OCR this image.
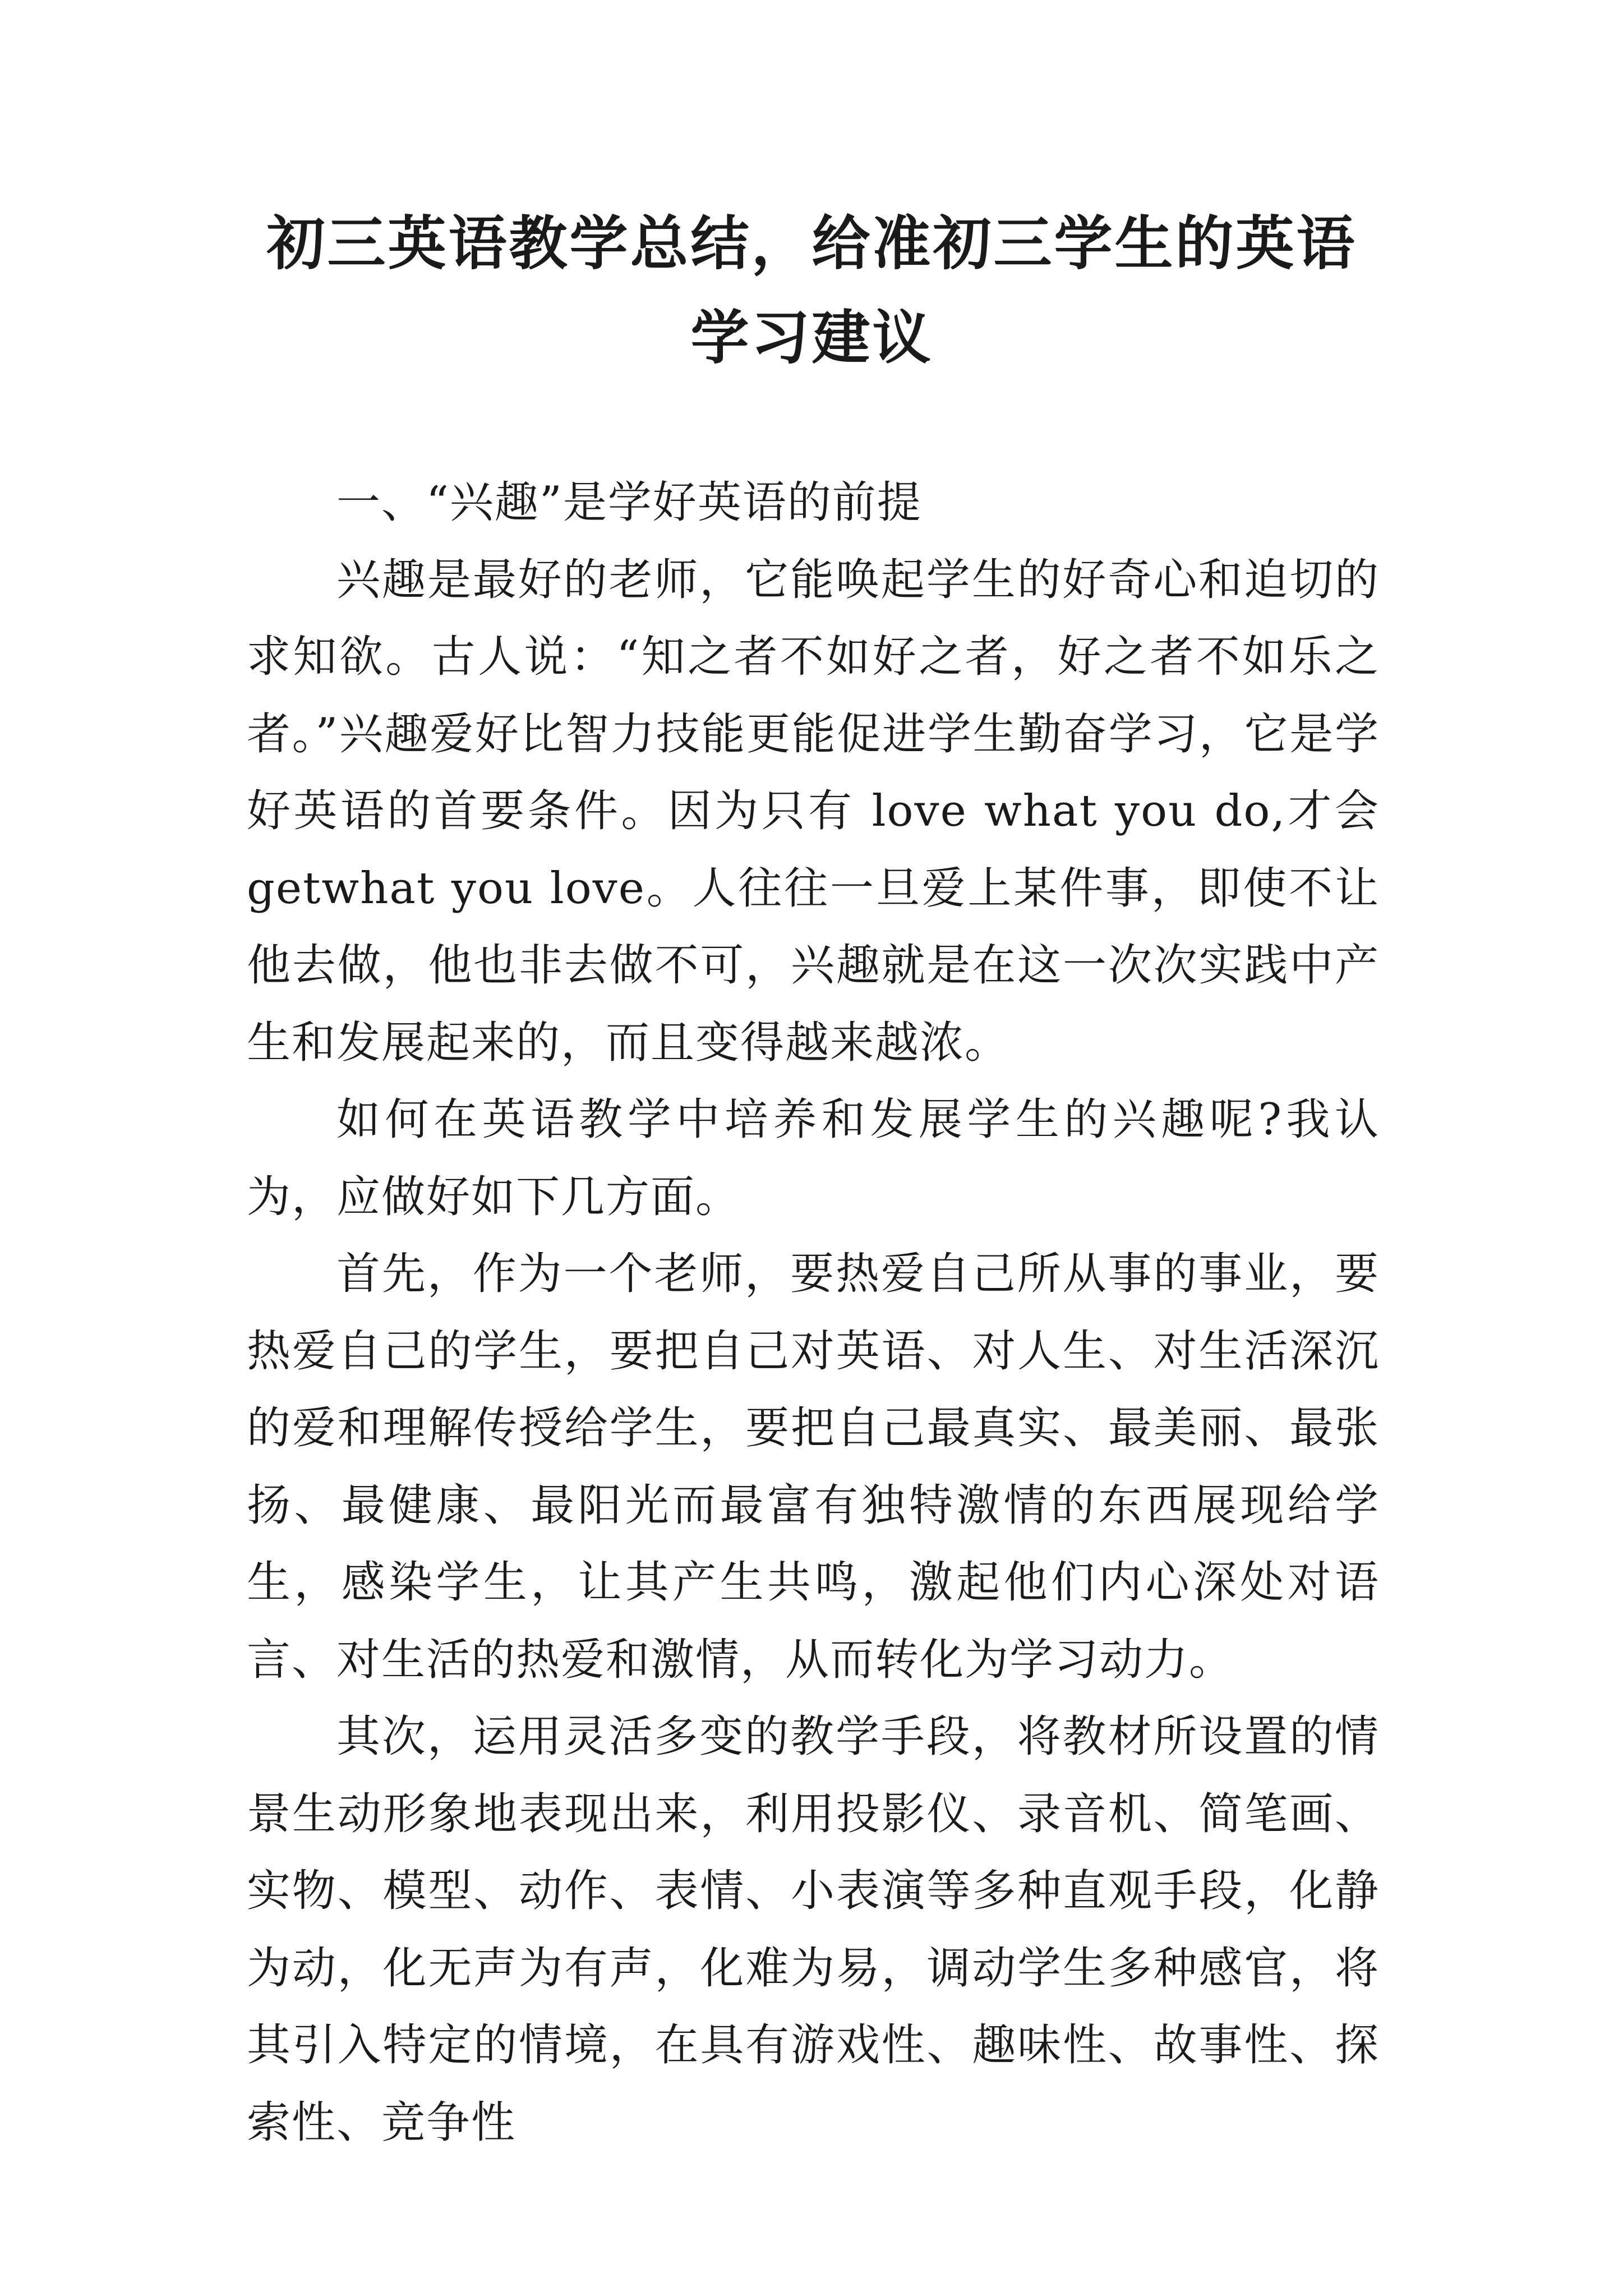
初三英语教学总结，给准初三学生的英语学习建议

一、“兴趣”是学好英语的前提

兴趣是最好的老师，它能唤起学生的好奇心和迫切的求知欲。古人说：“知之者不如好之者，好之者不如乐之者。”兴趣爱好比智力技能更能促进学生勤奋学习，它是学好英语的首要条件。因为只有 love what you do,才会 getwhat you love。人往往一旦爱上某件事，即使不让他去做，他也非去做不可，兴趣就是在这一次次实践中产生和发展起来的，而且变得越来越浓。

如何在英语教学中培养和发展学生的兴趣呢?我认为，应做好如下几方面。

首先，作为一个老师，要热爱自己所从事的事业，要热爱自己的学生，要把自己对英语、对人生、对生活深沉的爱和理解传授给学生，要把自己最真实、最美丽、最张扬、最健康、最阳光而最富有独特激情的东西展现给学生，感染学生，让其产生共鸣，激起他们内心深处对语言、对生活的热爱和激情，从而转化为学习动力。

其次，运用灵活多变的教学手段，将教材所设置的情景生动形象地表现出来，利用投影仪、录音机、简笔画、实物、模型、动作、表情、小表演等多种直观手段，化静为动，化无声为有声，化难为易，调动学生多种感官，将其引入特定的情境，在具有游戏性、趣味性、故事性、探索性、竞争性
